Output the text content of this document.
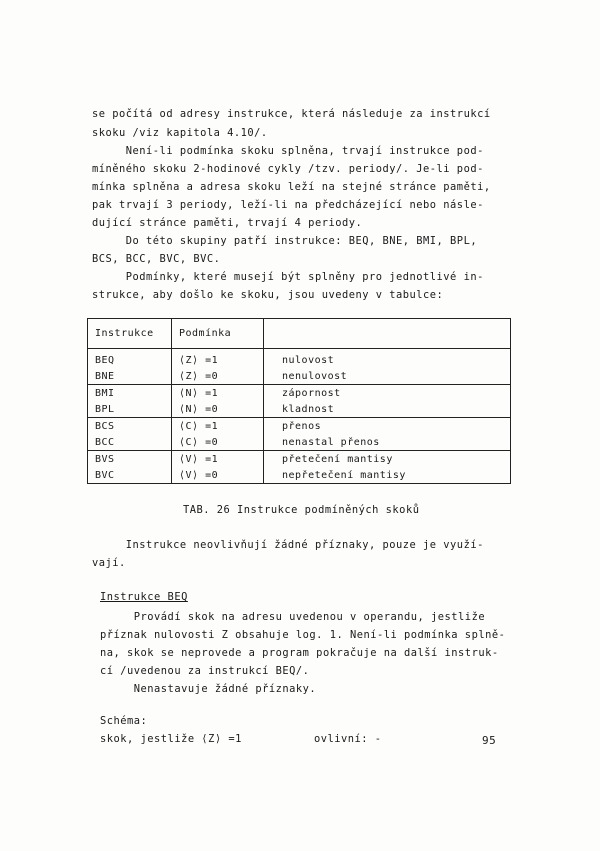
se počítá od adresy instrukce, která následuje za instrukcí
skoku /viz kapitola 4.10/.
Není-li podmínka skoku splněna, trvají instrukce pod-
míněného skoku 2-hodinové cykly /tzv. periody/. Je-li pod-
mínka splněna a adresa skoku leží na stejné stránce paměti,
pak trvají 3 periody, leží-li na předcházející nebo násle-
dující stránce paměti, trvají 4 periody.
Do této skupiny patří instrukce: BEQ, BNE, BMI, BPL,
BCS, BCC, BVC, BVC.
Podmínky, které musejí být splněny pro jednotlivé in-
strukce, aby došlo ke skoku, jsou uvedeny v tabulce:
Instrukce	Podmínka	

BEQ	⟨Z⟩ =1	nulovost
BNE	⟨Z⟩ =0	nenulovost
BMI	⟨N⟩ =1	zápornost
BPL	⟨N⟩ =0	kladnost
BCS	⟨C⟩ =1	přenos
BCC	⟨C⟩ =0	nenastal přenos
BVS	⟨V⟩ =1	přetečení mantisy
BVC	⟨V⟩ =0	nepřetečení mantisy
TAB. 26 Instrukce podmíněných skoků
Instrukce neovlivňují žádné příznaky, pouze je využí-
vají.
Instrukce BEQ
Provádí skok na adresu uvedenou v operandu, jestliže
příznak nulovosti Z obsahuje log. 1. Není-li podmínka splně-
na, skok se neprovede a program pokračuje na další instruk-
cí /uvedenou za instrukcí BEQ/.
Nenastavuje žádné příznaky.
Schéma:
skok, jestliže ⟨Z⟩ =1	ovlivní: -	95
